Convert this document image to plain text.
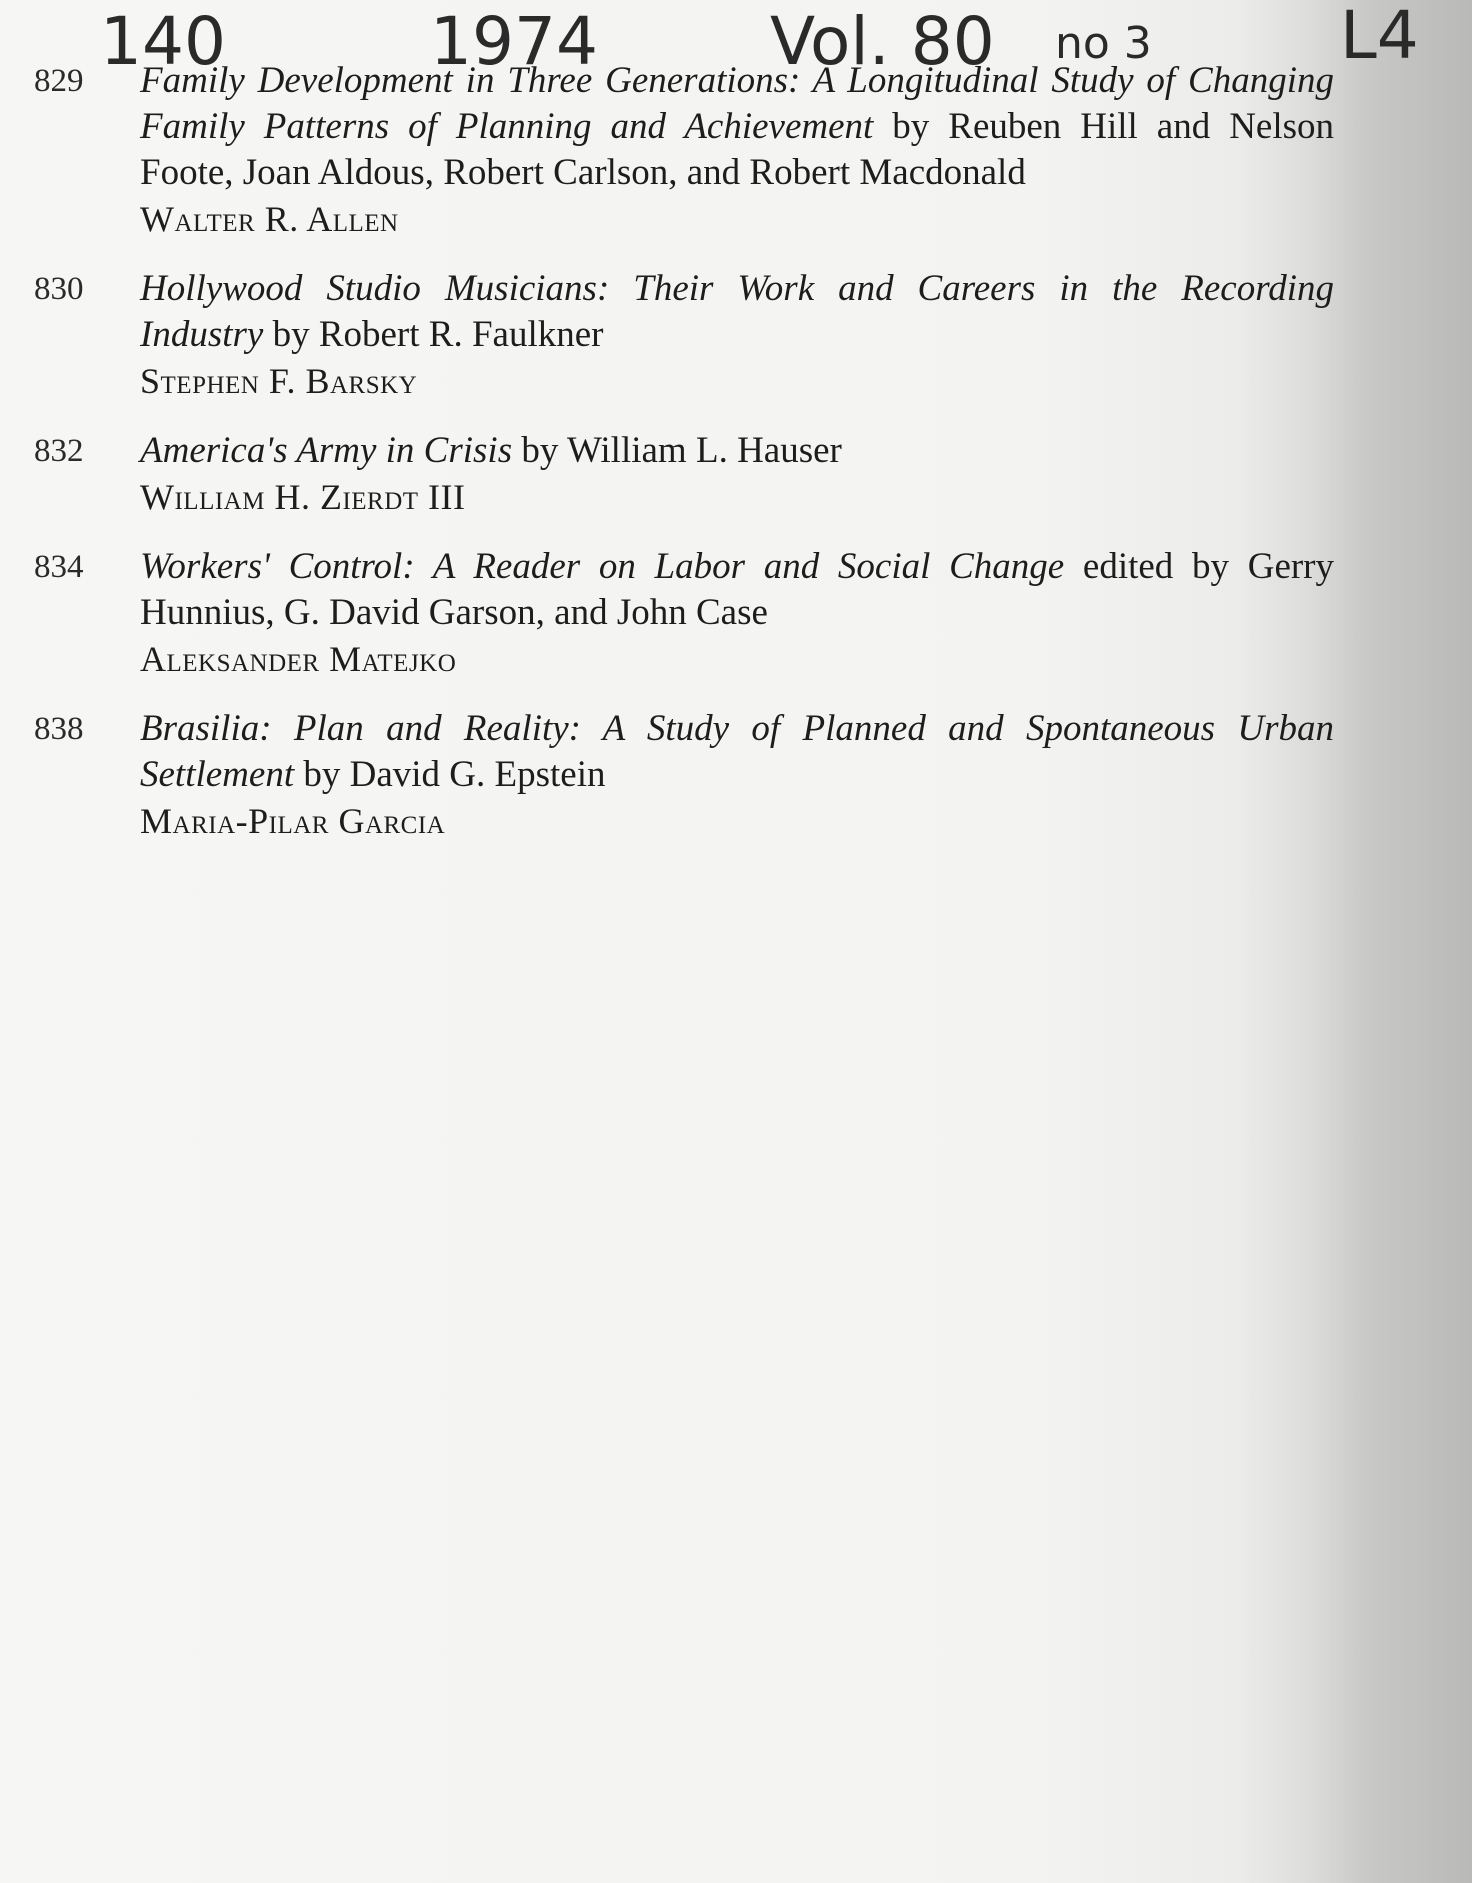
140	1974	Vol. 80 no 3	L4
829	Family Development in Three Generations: A Longitudinal Study of Changing Family Patterns of Planning and Achievement by Reuben Hill and Nelson Foote, Joan Aldous, Robert Carlson, and Robert Macdonald
Walter R. Allen
830	Hollywood Studio Musicians: Their Work and Careers in the Recording Industry by Robert R. Faulkner
Stephen F. Barsky
832	America's Army in Crisis by William L. Hauser
William H. Zierdt III
834	Workers' Control: A Reader on Labor and Social Change edited by Gerry Hunnius, G. David Garson, and John Case
Aleksander Matejko
838	Brasilia: Plan and Reality: A Study of Planned and Spontaneous Urban Settlement by David G. Epstein
Maria-Pilar Garcia
